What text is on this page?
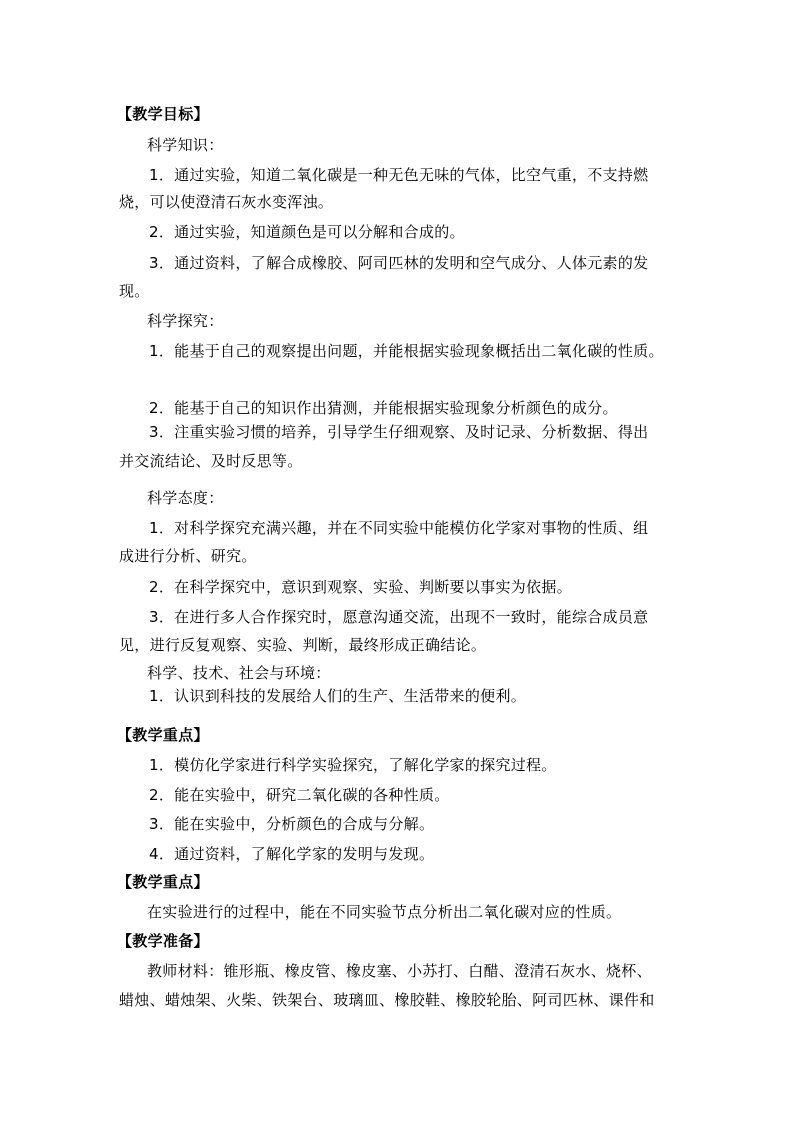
【教学目标】
科学知识：
1．通过实验，知道二氧化碳是一种无色无味的气体，比空气重，不支持燃
烧，可以使澄清石灰水变浑浊。
2．通过实验，知道颜色是可以分解和合成的。
3．通过资料，了解合成橡胶、阿司匹林的发明和空气成分、人体元素的发
现。
科学探究：
1．能基于自己的观察提出问题，并能根据实验现象概括出二氧化碳的性质。
2．能基于自己的知识作出猜测，并能根据实验现象分析颜色的成分。
3．注重实验习惯的培养，引导学生仔细观察、及时记录、分析数据、得出
并交流结论、及时反思等。
科学态度：
1．对科学探究充满兴趣，并在不同实验中能模仿化学家对事物的性质、组
成进行分析、研究。
2．在科学探究中，意识到观察、实验、判断要以事实为依据。
3．在进行多人合作探究时，愿意沟通交流，出现不一致时，能综合成员意
见，进行反复观察、实验、判断，最终形成正确结论。
科学、技术、社会与环境：
1．认识到科技的发展给人们的生产、生活带来的便利。
【教学重点】
1．模仿化学家进行科学实验探究，了解化学家的探究过程。
2．能在实验中，研究二氧化碳的各种性质。
3．能在实验中，分析颜色的合成与分解。
4．通过资料，了解化学家的发明与发现。
【教学重点】
在实验进行的过程中，能在不同实验节点分析出二氧化碳对应的性质。
【教学准备】
教师材料：锥形瓶、橡皮管、橡皮塞、小苏打、白醋、澄清石灰水、烧杯、
蜡烛、蜡烛架、火柴、铁架台、玻璃皿、橡胶鞋、橡胶轮胎、阿司匹林、课件和
